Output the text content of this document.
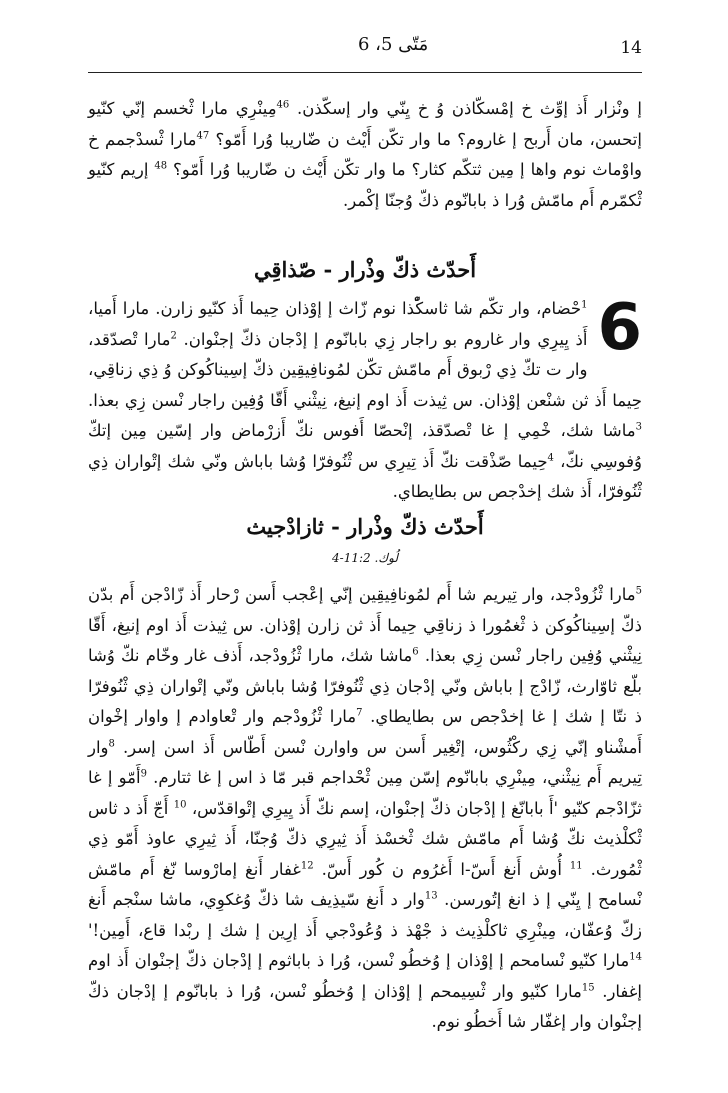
14
مَتّی 5، 6

إ ونْزار أَذ إوِّث خ إمْسكّاذن وُ خ يِنّي وار إسكّذن. $^{46}$مِينْرِي مارا ثْخسم إنّي كنّيو إتحسن، مان أَربح إ غاروم؟ ما وار تكّن أَيْث ن ضّاريبا وُرا أَمّو؟ $^{47}$مارا ثْسدْجمم خ واوْماث نوم واها إ مِين ثتكّم كثار؟ ما وار تكّن أَيْث ن ضّاريبا وُرا أَمّو؟ $^{48}$ إريم كنّيو ثْكمّرم أَم مامّش وُرا ذ بابانّوم ذكّ وُجنّا إكْمر.

أَحدّث ذكّ وذْرار - صّذاقِي

6
$^1$حْضام، وار تكّم شا ثاسكّْذا نوم زّاث إ إوْذان حِيما أَذ كنّيو زارن. مارا أَميا، أَذ يِيرِي وار غاروم بو راجار زِي بابانّوم إ إدْجان ذكّ إجنْوان. $^2$مارا تْصدّقد، وار ت تكّ ذِي رْبوق أَم مامّش تكّن لمُونافِيقِين ذكّ إسِيناكُوكن وُ ذِي زناقِي، حِيما أَذ ثن شنْعن إوْذان. س ثِيذت أَذ اوم إنيغ، نِيثْني أَقّا وُفِين راجار نْسن زِي بعذا. $^3$ماشا شك، خْمِي إ غا تْصدّقذ، إنْحصّا أَفوس نكّ أَزرْماض وار إسّين مِين إتكّ وُفوسِي نكّ، $^4$حِيما صّذْقت نكّ أَذ تِيرِي س ثْنُوفرّا وُشا باباش ونّي شك إتْواران ذِي ثْنُوفرّا، أَذ شك إخدْجص س بطايطاي.

أَحدّث ذكّ وذْرار - ثازادْجيث
لُوك. 11:2-4

$^5$مارا ثْزُودْجد، وار تِيريم شا أَم لمُونافِيقِين إنّي إعْجب أَسن رْحار أَذ زّادْجن أَم بدّن ذكّ إسِيناكُوكن ذ ثْغمُورا ذ زناقِي حِيما أَذ ثن زارن إوْذان. س ثِيذت أَذ اوم إنيغ، أَقّا نِيثْني وُفِين راجار نْسن زِي بعذا. $^6$ماشا شك، مارا ثْزُودْجد، أَذف غار وخّام نكّ وُشا بلّع ثاوّارث، زّادْج إ باباش ونّي إدْجان ذِي ثْنُوفرّا وُشا باباش ونّي إتْواران ذِي ثْنُوفرّا ذ نتّا إ شك إ غا إخدْجص س بطايطاي. $^7$مارا ثْزُودْجم وار تْعاوادم إ واوار إخْوان أَمشْناو إنّي زِي ركْثُوس، إتْغِير أَسن س واوارن نْسن أَطّاس أَذ اسن إسر. $^8$وار تِيريم أَم نِيثْني، مِينْرِي بابانّوم إسّن مِين ثْحْداجم قبر مّا ذ اس إ غا ثتارم. $^9$أَمّو إ غا ثزّادْجم كنّيو 'أَ بابانّغ إ إدْجان ذكّ إجنْوان، إسم نكّ أَذ يِيرِي إتْواقدّس، $^{10}$ أَجّ أَذ د ثاس ثْكلْذيث نكّ وُشا أَم مامّش شك ثْخسْذ أَذ ثِيرِي ذكّ وُجنّا، أَذ ثِيرِي عاوذ أَمّو ذِي ثْمُورث. $^{11}$ أُوش أَنغ أَسّ-ا أَغرُوم ن كُور أَسّ. $^{12}$غفار أَنغ إمارْوسا نّغ أَم مامّش نْسامح إ يِنّي إ ذ انغ إتُورسن. $^{13}$وار د أَنغ سّيذِيف شا ذكّ وُغكوِي، ماشا سنْجم أَنغ زكّ وُعفّان، مِينْرِي ثاكلْذِيث ذ جْهْذ ذ وُعُودْجي أَذ إرِين إ شك إ ربْدا قاع، أَمِين!' $^{14}$مارا كنّيو نْسامحم إ إوْذان إ وُخطُو نْسن، وُرا ذ باباثوم إ إدْجان ذكّ إجنْوان أَذ اوم إغفار. $^{15}$مارا كنّيو وار ثْسِيمحم إ إوْذان إ وُخطُو نْسن، وُرا ذ بابانّوم إ إدْجان ذكّ إجنْوان وار إغفّار شا أَخطُو نوم.
